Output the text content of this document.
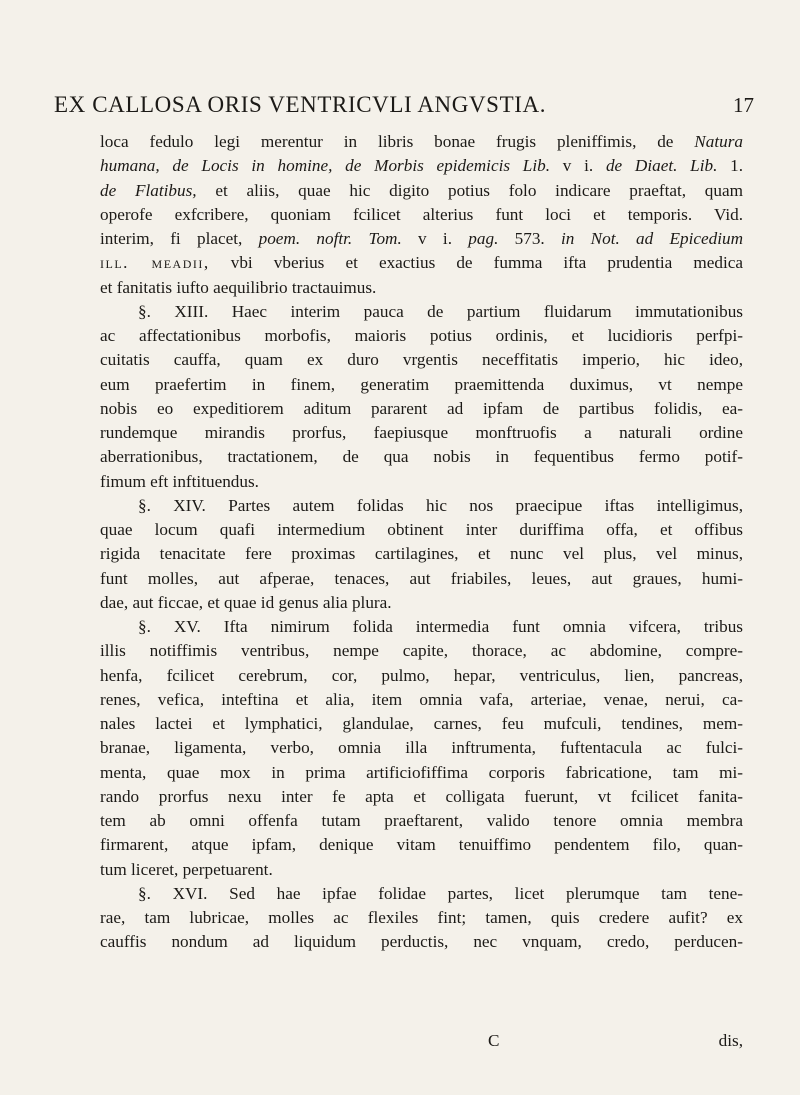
EX CALLOSA ORIS VENTRICVLI ANGVSTIA.	17
loca fedulo legi merentur in libris bonae frugis pleniffimis, de Natura
humana, de Locis in homine, de Morbis epidemicis Lib. v i. de Diaet. Lib. 1.
de Flatibus, et aliis, quae hic digito potius folo indicare praeftat, quam
operofe exfcribere, quoniam fcilicet alterius funt loci et temporis. Vid.
interim, fi placet, poem. noftr. Tom. v i. pag. 573. in Not. ad Epicedium
ill. meadii, vbi vberius et exactius de fumma ifta prudentia medica
et fanitatis iufto aequilibrio tractauimus.
§. XIII. Haec interim pauca de partium fluidarum immutationibus
ac affectationibus morbofis, maioris potius ordinis, et lucidioris perfpi-
cuitatis cauffa, quam ex duro vrgentis neceffitatis imperio, hic ideo,
eum praefertim in finem, generatim praemittenda duximus, vt nempe
nobis eo expeditiorem aditum pararent ad ipfam de partibus folidis, ea-
rundemque mirandis prorfus, faepiusque monftruofis a naturali ordine
aberrationibus, tractationem, de qua nobis in fequentibus fermo potif-
fimum eft inftituendus.
§. XIV. Partes autem folidas hic nos praecipue iftas intelligimus,
quae locum quafi intermedium obtinent inter duriffima offa, et offibus
rigida tenacitate fere proximas cartilagines, et nunc vel plus, vel minus,
funt molles, aut afperae, tenaces, aut friabiles, leues, aut graues, humi-
dae, aut ficcae, et quae id genus alia plura.
§. XV. Ifta nimirum folida intermedia funt omnia vifcera, tribus
illis notiffimis ventribus, nempe capite, thorace, ac abdomine, compre-
henfa, fcilicet cerebrum, cor, pulmo, hepar, ventriculus, lien, pancreas,
renes, vefica, inteftina et alia, item omnia vafa, arteriae, venae, nerui, ca-
nales lactei et lymphatici, glandulae, carnes, feu mufculi, tendines, mem-
branae, ligamenta, verbo, omnia illa inftrumenta, fuftentacula ac fulci-
menta, quae mox in prima artificiofiffima corporis fabricatione, tam mi-
rando prorfus nexu inter fe apta et colligata fuerunt, vt fcilicet fanita-
tem ab omni offenfa tutam praeftarent, valido tenore omnia membra
firmarent, atque ipfam, denique vitam tenuiffimo pendentem filo, quan-
tum liceret, perpetuarent.
§. XVI. Sed hae ipfae folidae partes, licet plerumque tam tene-
rae, tam lubricae, molles ac flexiles fint; tamen, quis credere aufit? ex
cauffis nondum ad liquidum perductis, nec vnquam, credo, perducen-
C	dis,
